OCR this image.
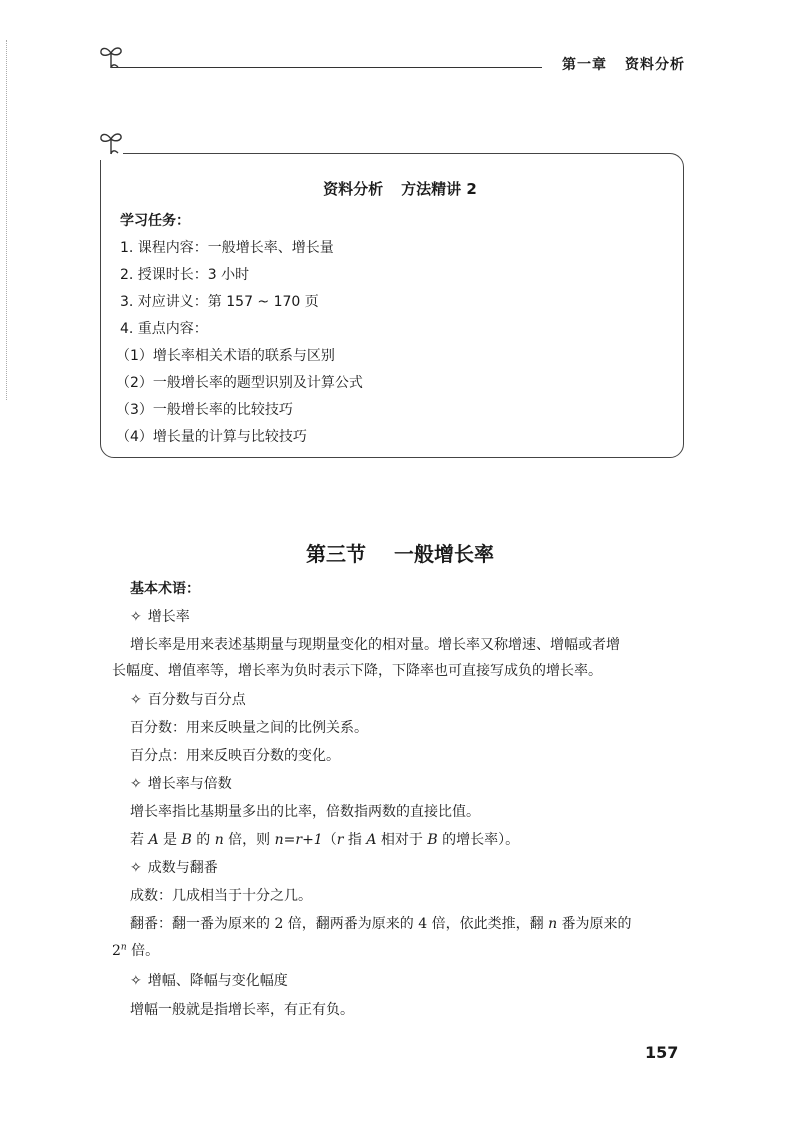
第一章 资料分析
资料分析 方法精讲 2
学习任务：
1. 课程内容：一般增长率、增长量
2. 授课时长：3 小时
3. 对应讲义：第 157 ~ 170 页
4. 重点内容：
（1）增长率相关术语的联系与区别
（2）一般增长率的题型识别及计算公式
（3）一般增长率的比较技巧
（4）增长量的计算与比较技巧
第三节 一般增长率
基本术语：
✧ 增长率
增长率是用来表述基期量与现期量变化的相对量。增长率又称增速、增幅或者增
长幅度、增值率等，增长率为负时表示下降，下降率也可直接写成负的增长率。
✧ 百分数与百分点
百分数：用来反映量之间的比例关系。
百分点：用来反映百分数的变化。
✧ 增长率与倍数
增长率指比基期量多出的比率，倍数指两数的直接比值。
若 A 是 B 的 n 倍，则 n=r+1（r 指 A 相对于 B 的增长率）。
✧ 成数与翻番
成数：几成相当于十分之几。
翻番：翻一番为原来的 2 倍，翻两番为原来的 4 倍，依此类推，翻 n 番为原来的
2$^n$ 倍。
✧ 增幅、降幅与变化幅度
增幅一般就是指增长率，有正有负。
157
